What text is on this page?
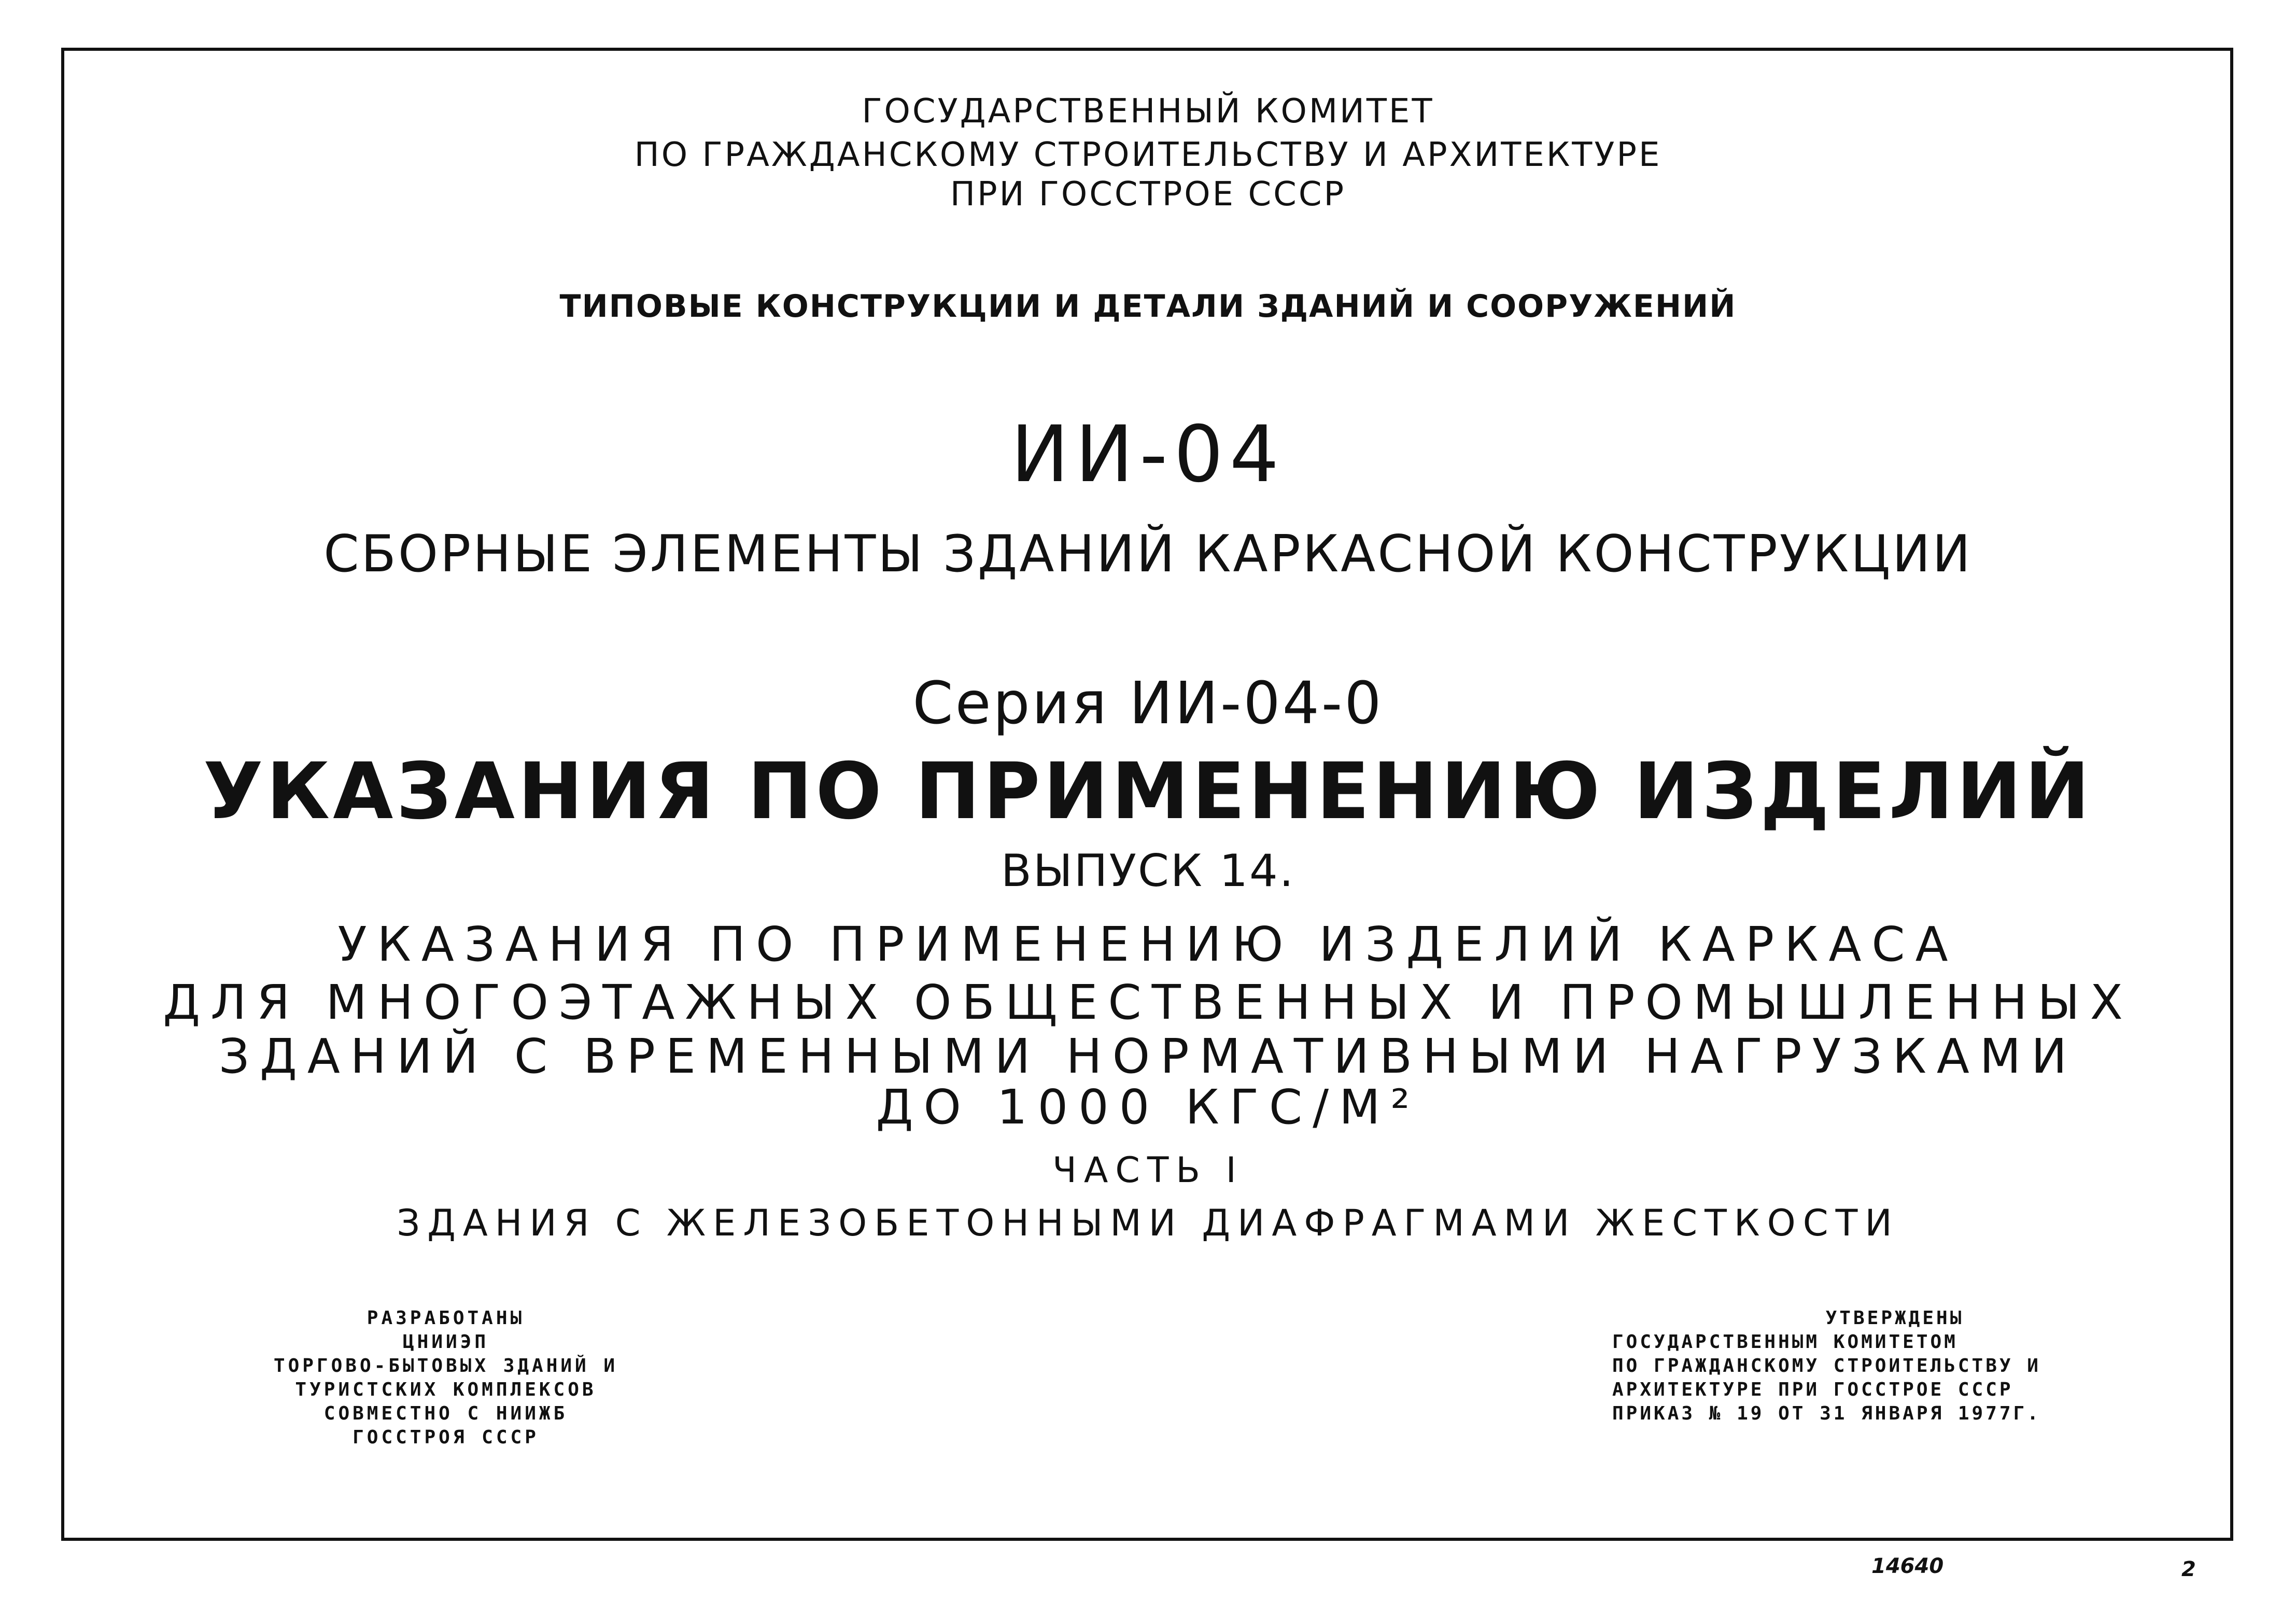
ГОСУДАРСТВЕННЫЙ КОМИТЕТ
ПО ГРАЖДАНСКОМУ СТРОИТЕЛЬСТВУ И АРХИТЕКТУРЕ
ПРИ ГОССТРОЕ СССР
ТИПОВЫЕ КОНСТРУКЦИИ И ДЕТАЛИ ЗДАНИЙ И СООРУЖЕНИЙ
ИИ-04
СБОРНЫЕ ЭЛЕМЕНТЫ ЗДАНИЙ КАРКАСНОЙ КОНСТРУКЦИИ
Серия ИИ-04-0
УКАЗАНИЯ ПО ПРИМЕНЕНИЮ ИЗДЕЛИЙ
ВЫПУСК 14.
УКАЗАНИЯ ПО ПРИМЕНЕНИЮ ИЗДЕЛИЙ КАРКАСА
ДЛЯ МНОГОЭТАЖНЫХ ОБЩЕСТВЕННЫХ И ПРОМЫШЛЕННЫХ
ЗДАНИЙ С ВРЕМЕННЫМИ НОРМАТИВНЫМИ НАГРУЗКАМИ
ДО 1000 КГС/М²
ЧАСТЬ I
ЗДАНИЯ С ЖЕЛЕЗОБЕТОННЫМИ ДИАФРАГМАМИ ЖЕСТКОСТИ
РАЗРАБОТАНЫ
ЦНИИЭП
ТОРГОВО-БЫТОВЫХ ЗДАНИЙ И
ТУРИСТСКИХ КОМПЛЕКСОВ
СОВМЕСТНО С НИИЖБ
ГОССТРОЯ СССР
УТВЕРЖДЕНЫ
ГОСУДАРСТВЕННЫМ КОМИТЕТОМ
ПО ГРАЖДАНСКОМУ СТРОИТЕЛЬСТВУ И
АРХИТЕКТУРЕ ПРИ ГОССТРОЕ СССР
ПРИКАЗ № 19 ОТ 31 ЯНВАРЯ 1977Г.
14640	2
